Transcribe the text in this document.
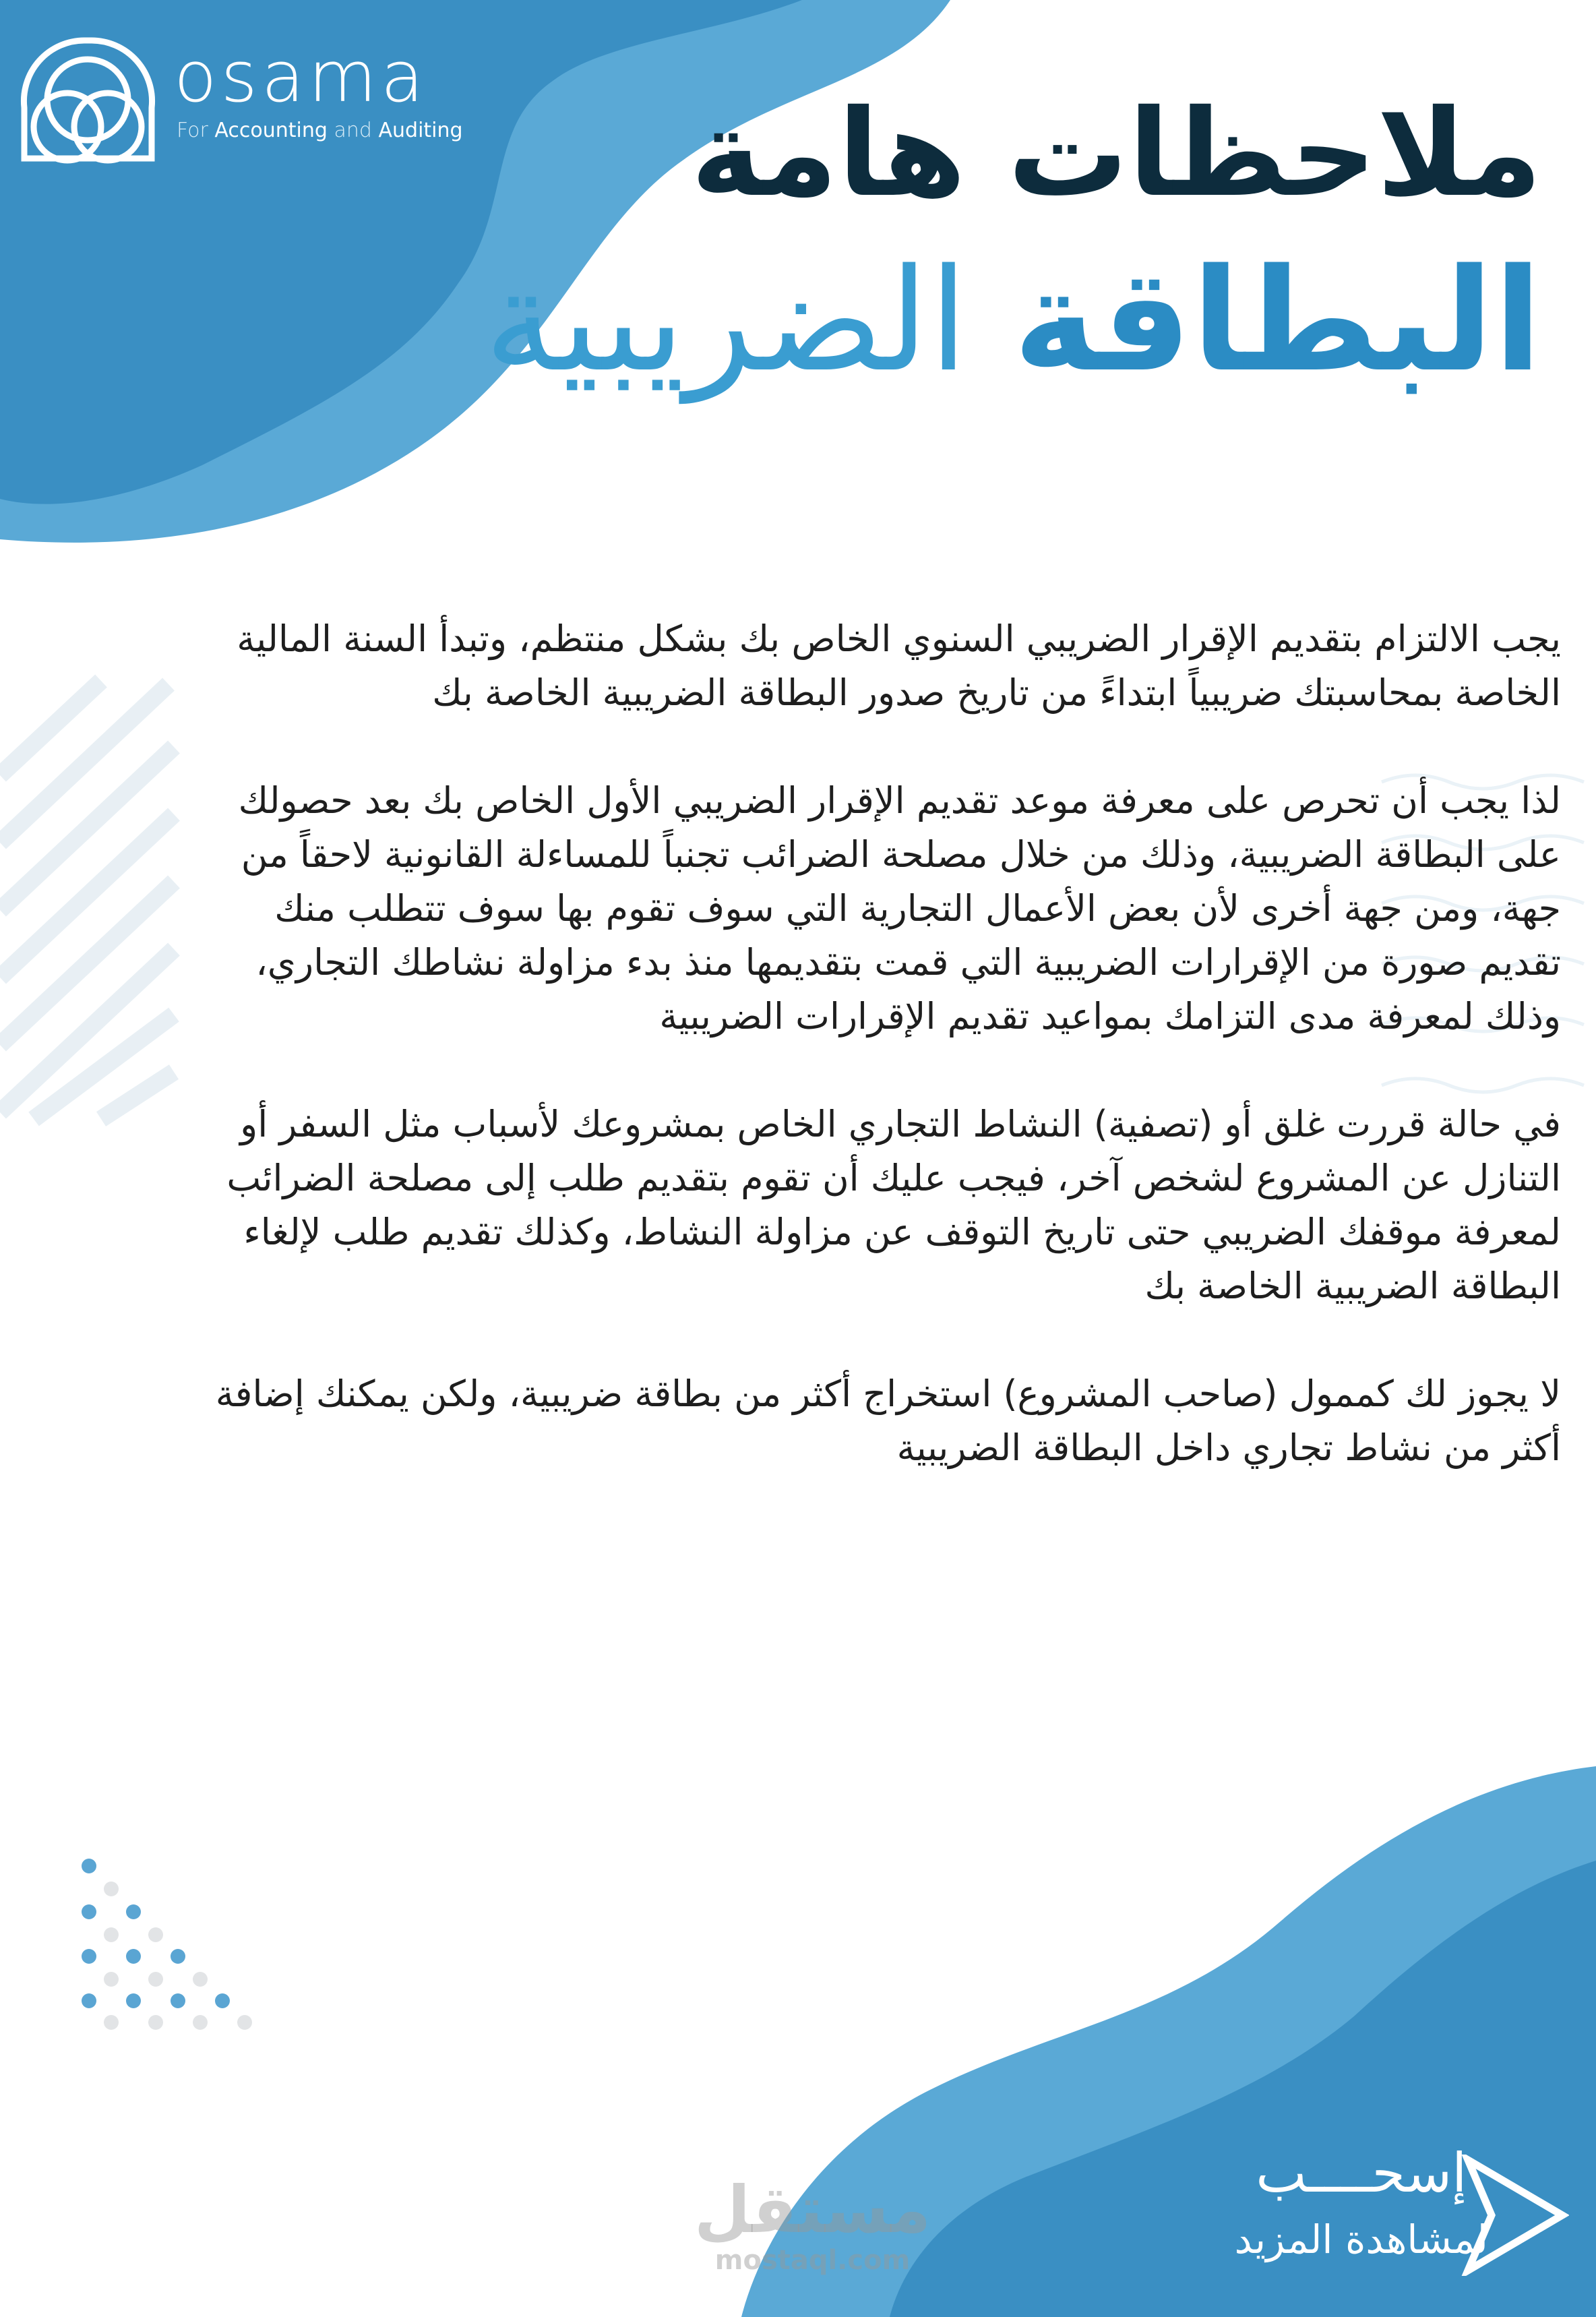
osama
For Accounting and Auditing ملاحظات هامة
البطاقة الضريبية

يجب الالتزام بتقديم الإقرار الضريبي السنوي الخاص بك بشكل منتظم، وتبدأ السنة المالية الخاصة بمحاسبتك ضريبياً ابتداءً من تاريخ صدور البطاقة الضريبية الخاصة بك

لذا يجب أن تحرص على معرفة موعد تقديم الإقرار الضريبي الأول الخاص بك بعد حصولك على البطاقة الضريبية، وذلك من خلال مصلحة الضرائب تجنباً للمساءلة القانونية لاحقاً من جهة، ومن جهة أخرى لأن بعض الأعمال التجارية التي سوف تقوم بها سوف تتطلب منك تقديم صورة من الإقرارات الضريبية التي قمت بتقديمها منذ بدء مزاولة نشاطك التجاري، وذلك لمعرفة مدى التزامك بمواعيد تقديم الإقرارات الضريبية

في حالة قررت غلق أو (تصفية) النشاط التجاري الخاص بمشروعك لأسباب مثل السفر أو التنازل عن المشروع لشخص آخر، فيجب عليك أن تقوم بتقديم طلب إلى مصلحة الضرائب لمعرفة موقفك الضريبي حتى تاريخ التوقف عن مزاولة النشاط، وكذلك تقديم طلب لإلغاء البطاقة الضريبية الخاصة بك

لا يجوز لك كممول (صاحب المشروع) استخراج أكثر من بطاقة ضريبية، ولكن يمكنك إضافة أكثر من نشاط تجاري داخل البطاقة الضريبية

مستقل
mostaql.com
إسحــــب
لمشاهدة المزيد
